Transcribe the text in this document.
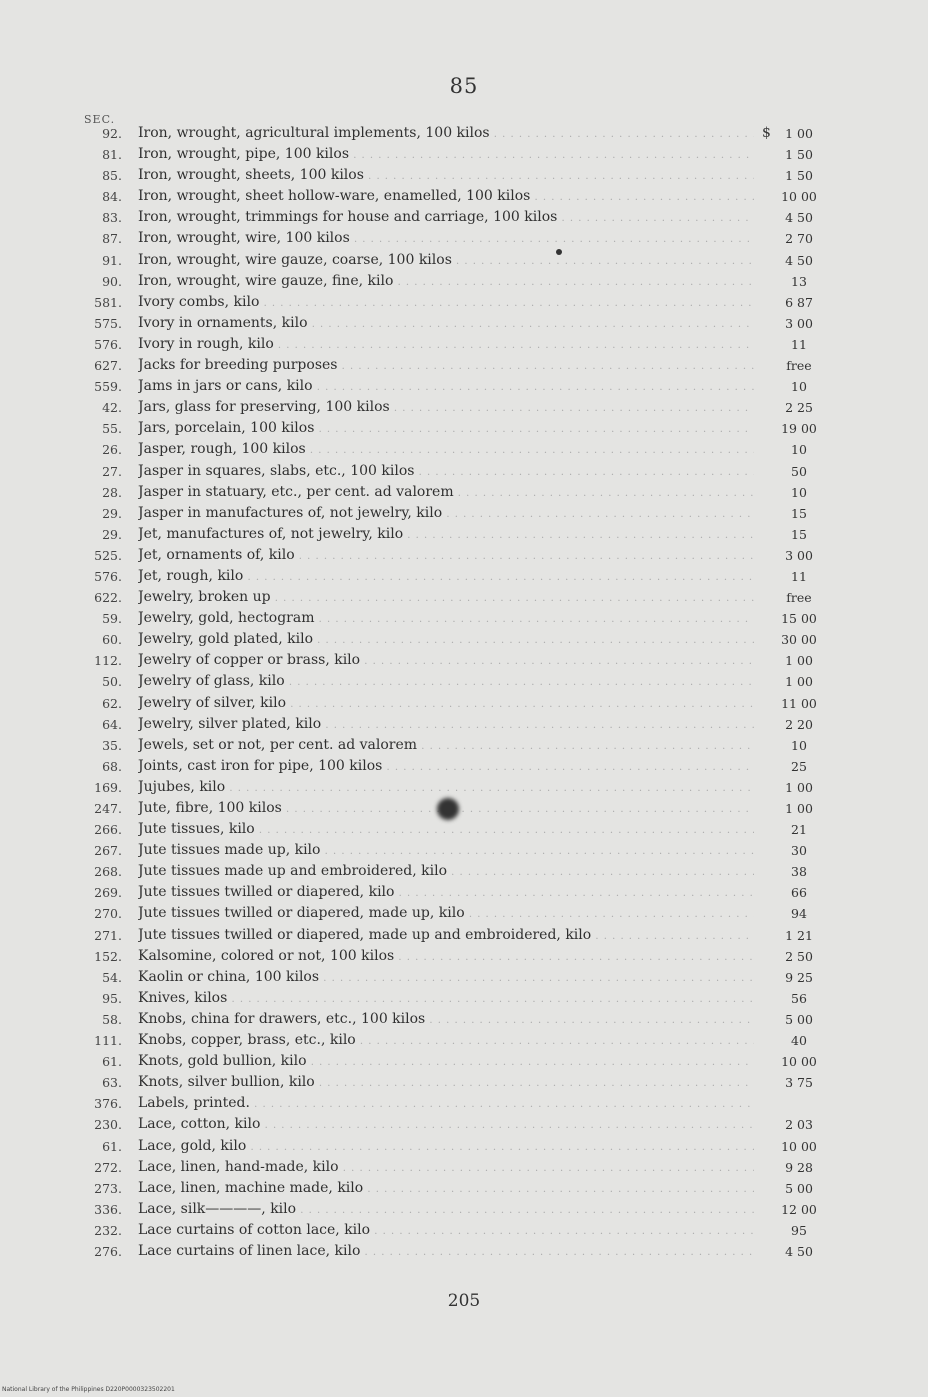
85
SEC.
92. Iron, wrought, agricultural implements, 100 kilos . . .	$	1 00
81. Iron, wrought, pipe, 100 kilos . . .	1 50
85. Iron, wrought, sheets, 100 kilos . . .	1 50
84. Iron, wrought, sheet hollow-ware, enamelled, 100 kilos . . .	10 00
83. Iron, wrought, trimmings for house and carriage, 100 kilos . . .	4 50
87. Iron, wrought, wire, 100 kilos . . .	2 70
91. Iron, wrought, wire gauze, coarse, 100 kilos . . .	4 50
90. Iron, wrought, wire gauze, fine, kilo . . .	13
581. Ivory combs, kilo . . .	6 87
575. Ivory in ornaments, kilo . . .	3 00
576. Ivory in rough, kilo . . .	11
627. Jacks for breeding purposes . . .	free
559. Jams in jars or cans, kilo . . .	10
42. Jars, glass for preserving, 100 kilos . . .	2 25
55. Jars, porcelain, 100 kilos . . .	19 00
26. Jasper, rough, 100 kilos . . .	10
27. Jasper in squares, slabs, etc., 100 kilos . . .	50
28. Jasper in statuary, etc., per cent. ad valorem . . .	10
29. Jasper in manufactures of, not jewelry, kilo . . .	15
29. Jet, manufactures of, not jewelry, kilo . . .	15
525. Jet, ornaments of, kilo . . .	3 00
576. Jet, rough, kilo . . .	11
622. Jewelry, broken up . . .	free
59. Jewelry, gold, hectogram . . .	15 00
60. Jewelry, gold plated, kilo . . .	30 00
112. Jewelry of copper or brass, kilo . . .	1 00
50. Jewelry of glass, kilo . . .	1 00
62. Jewelry of silver, kilo . . .	11 00
64. Jewelry, silver plated, kilo . . .	2 20
35. Jewels, set or not, per cent. ad valorem . . .	10
68. Joints, cast iron for pipe, 100 kilos . . .	25
169. Jujubes, kilo . . .	1 00
247. Jute, fibre, 100 kilos . . .	1 00
266. Jute tissues, kilo . . .	21
267. Jute tissues made up, kilo . . .	30
268. Jute tissues made up and embroidered, kilo . . .	38
269. Jute tissues twilled or diapered, kilo . . .	66
270. Jute tissues twilled or diapered, made up, kilo . . .	94
271. Jute tissues twilled or diapered, made up and embroidered, kilo . . .	1 21
152. Kalsomine, colored or not, 100 kilos . . .	2 50
54. Kaolin or china, 100 kilos . . .	9 25
95. Knives, kilos . . .	56
58. Knobs, china for drawers, etc., 100 kilos . . .	5 00
111. Knobs, copper, brass, etc., kilo . . .	40
61. Knots, gold bullion, kilo . . .	10 00
63. Knots, silver bullion, kilo . . .	3 75
376. Labels, printed. . . .
230. Lace, cotton, kilo . . .	2 03
61. Lace, gold, kilo . . .	10 00
272. Lace, linen, hand-made, kilo . . .	9 28
273. Lace, linen, machine made, kilo . . .	5 00
336. Lace, silk————, kilo . . .	12 00
232. Lace curtains of cotton lace, kilo . . .	95
276. Lace curtains of linen lace, kilo . . .	4 50
205
National Library of the Philippines D220P0000323502201
